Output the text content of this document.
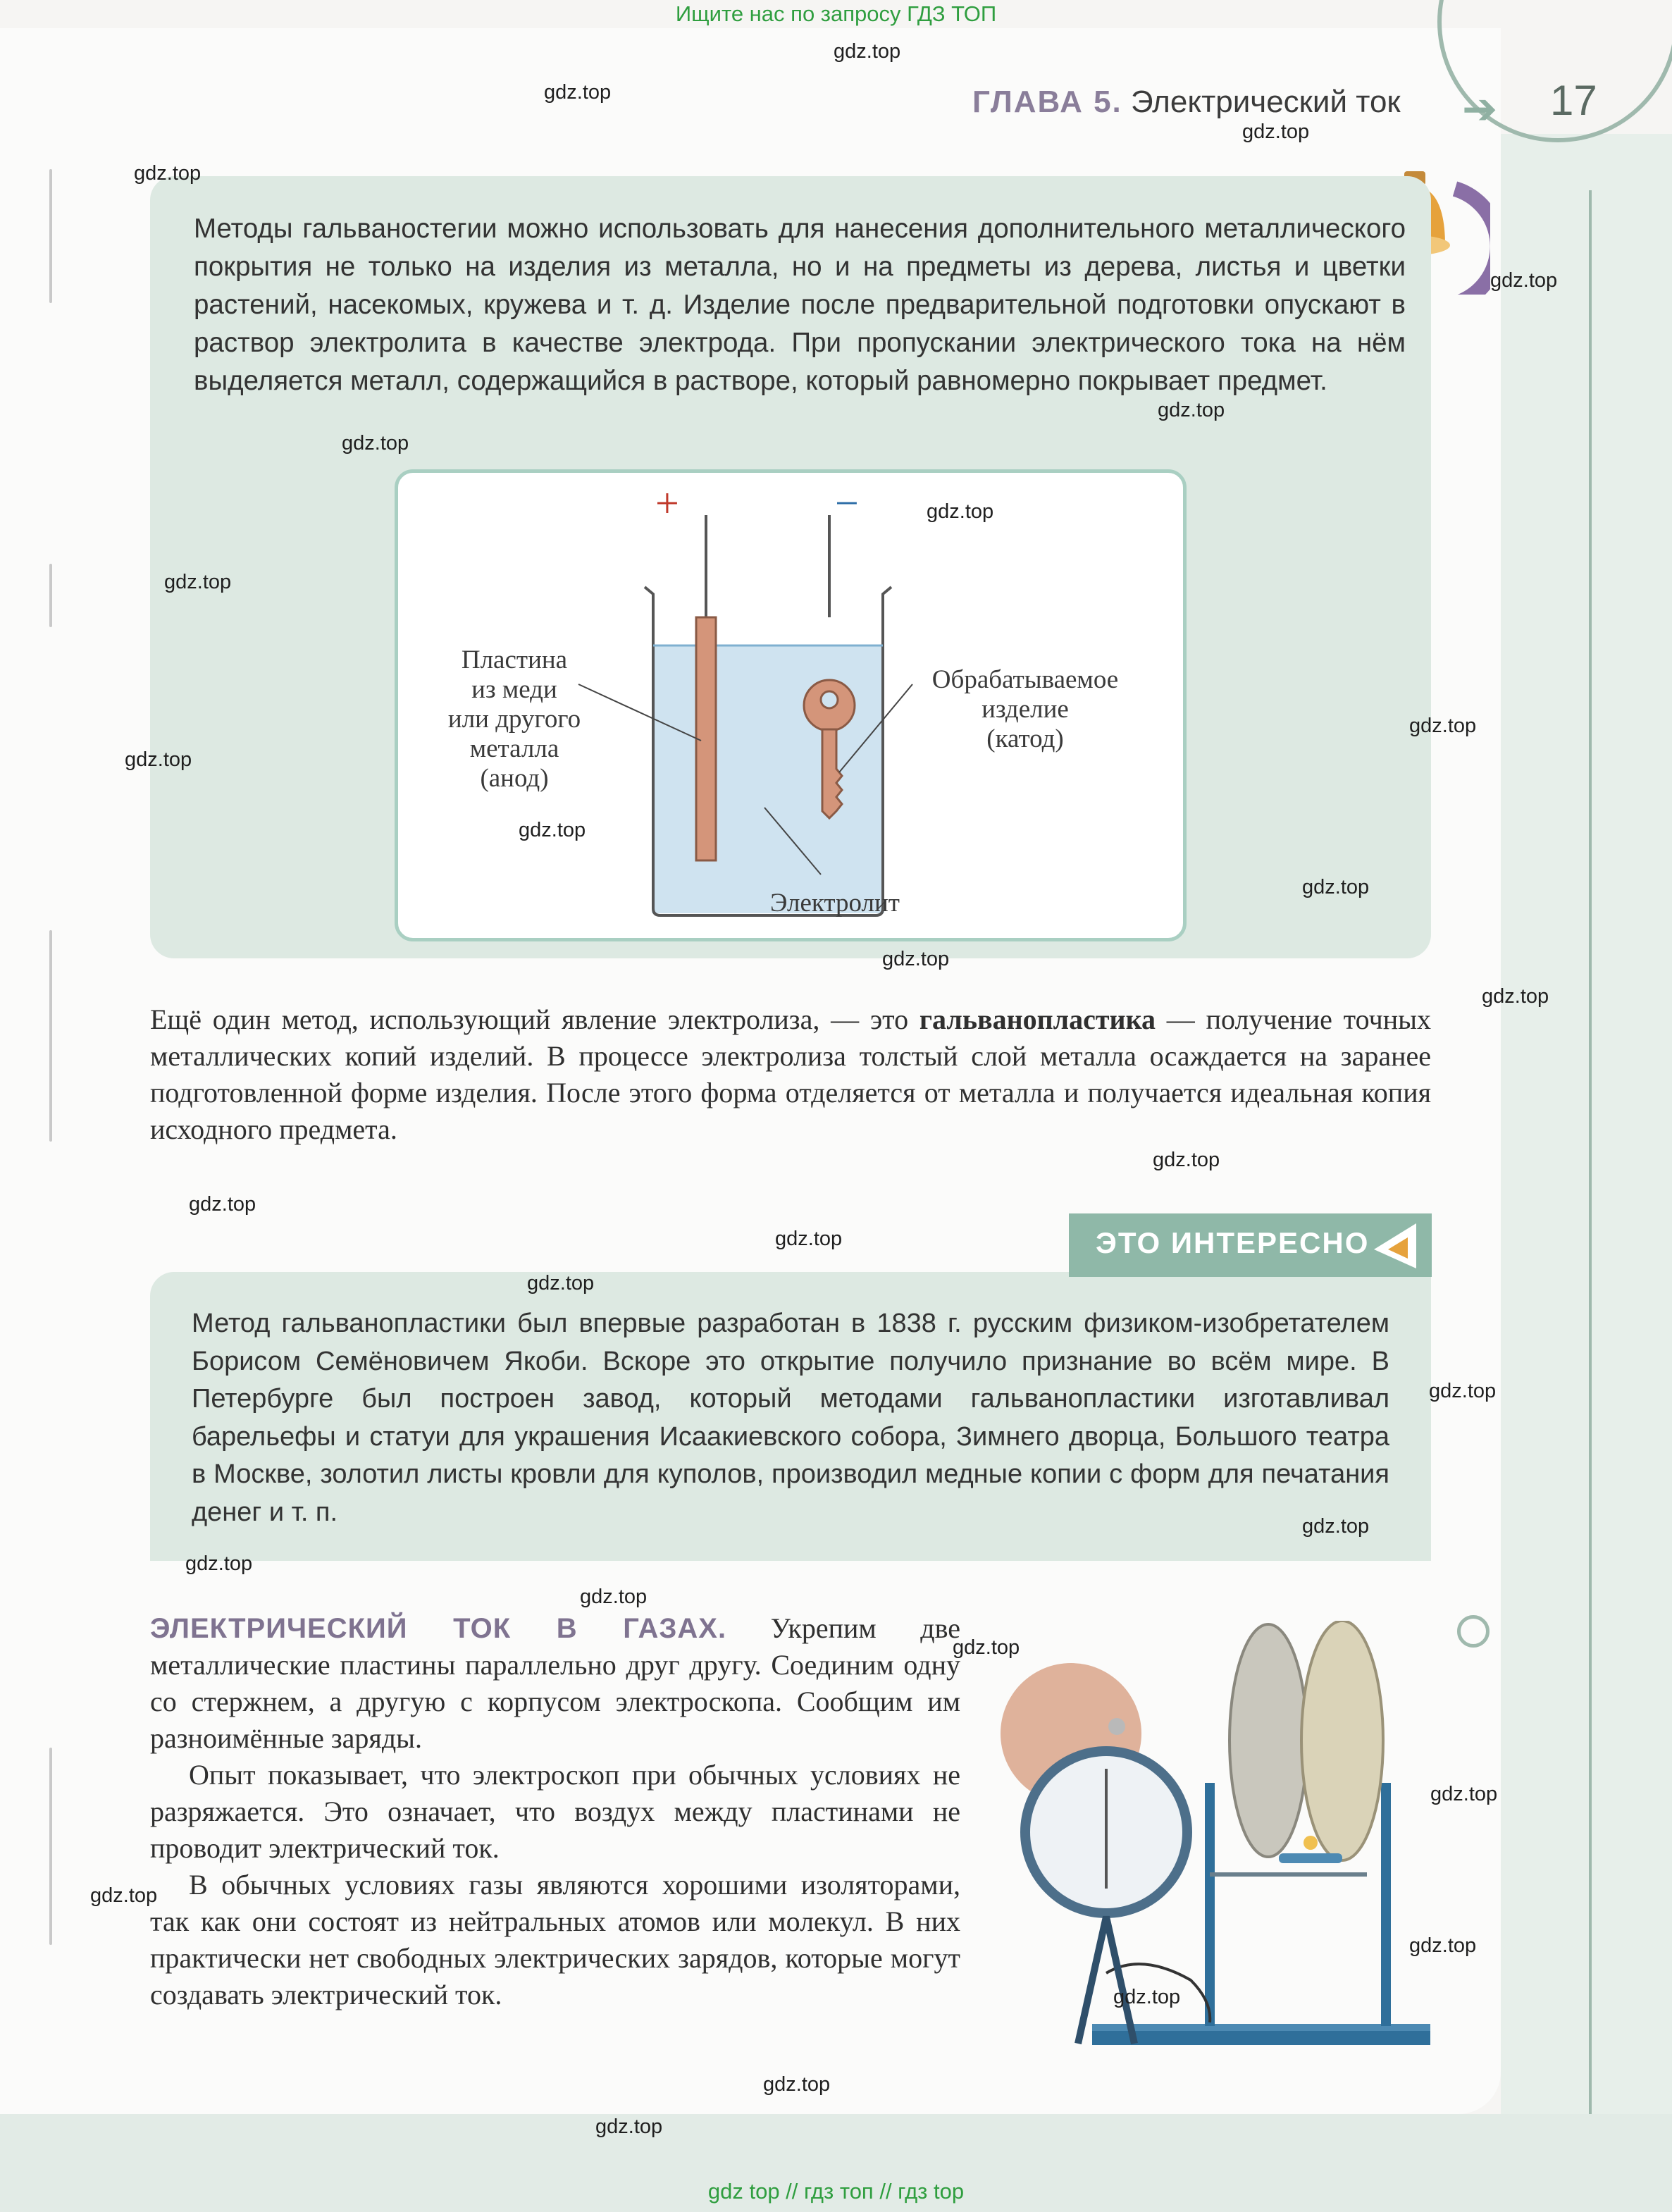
Ищите нас по запросу ГДЗ ТОП
ГЛАВА 5. Электрический ток ➔ 17
Методы гальваностегии можно использовать для нанесения дополнительного металлического покрытия не только на изделия из металла, но и на предметы из дерева, листья и цветки растений, насекомых, кружева и т. д. Изделие после предварительной подготовки опускают в раствор электролита в качестве электрода. При пропускании электрического тока на нём выделяется металл, содержащийся в растворе, который равномерно покрывает предмет.
+	−
Пластина
из меди
или другого
металла
(анод)
Обрабатываемое
изделие
(катод)
Электролит
Ещё один метод, использующий явление электролиза, — это гальванопластика — получение точных металлических копий изделий. В процессе электролиза толстый слой металла осаждается на заранее подготовленной форме изделия. После этого форма отделяется от металла и получается идеальная копия исходного предмета.
ЭТО ИНТЕРЕСНО
Метод гальванопластики был впервые разработан в 1838 г. русским физиком-изобретателем Борисом Семёновичем Якоби. Вскоре это открытие получило признание во всём мире. В Петербурге был построен завод, который методами гальванопластики изготавливал барельефы и статуи для украшения Исаакиевского собора, Зимнего дворца, Большого театра в Москве, золотил листы кровли для куполов, производил медные копии с форм для печатания денег и т. п.
ЭЛЕКТРИЧЕСКИЙ ТОК В ГАЗАХ. Укрепим две металлические пластины параллельно друг другу. Соединим одну со стержнем, а другую с корпусом электроскопа. Сообщим им разноимённые заряды.
Опыт показывает, что электроскоп при обычных условиях не разряжается. Это означает, что воздух между пластинами не проводит электрический ток.
В обычных условиях газы являются хорошими изоляторами, так как они состоят из нейтральных атомов или молекул. В них практически нет свободных электрических зарядов, которые могут создавать электрический ток.
gdz.top
gdz.top
gdz.top
gdz.top
gdz.top
gdz.top
gdz.top
gdz.top
gdz.top
gdz.top
gdz.top
gdz.top
gdz.top
gdz.top
gdz.top
gdz.top
gdz.top
gdz.top
gdz.top
gdz.top
gdz.top
gdz.top
gdz.top
gdz.top
gdz.top
gdz.top
gdz.top
gdz.top
gdz.top
gdz.top
gdz top // гдз топ // гдз top
